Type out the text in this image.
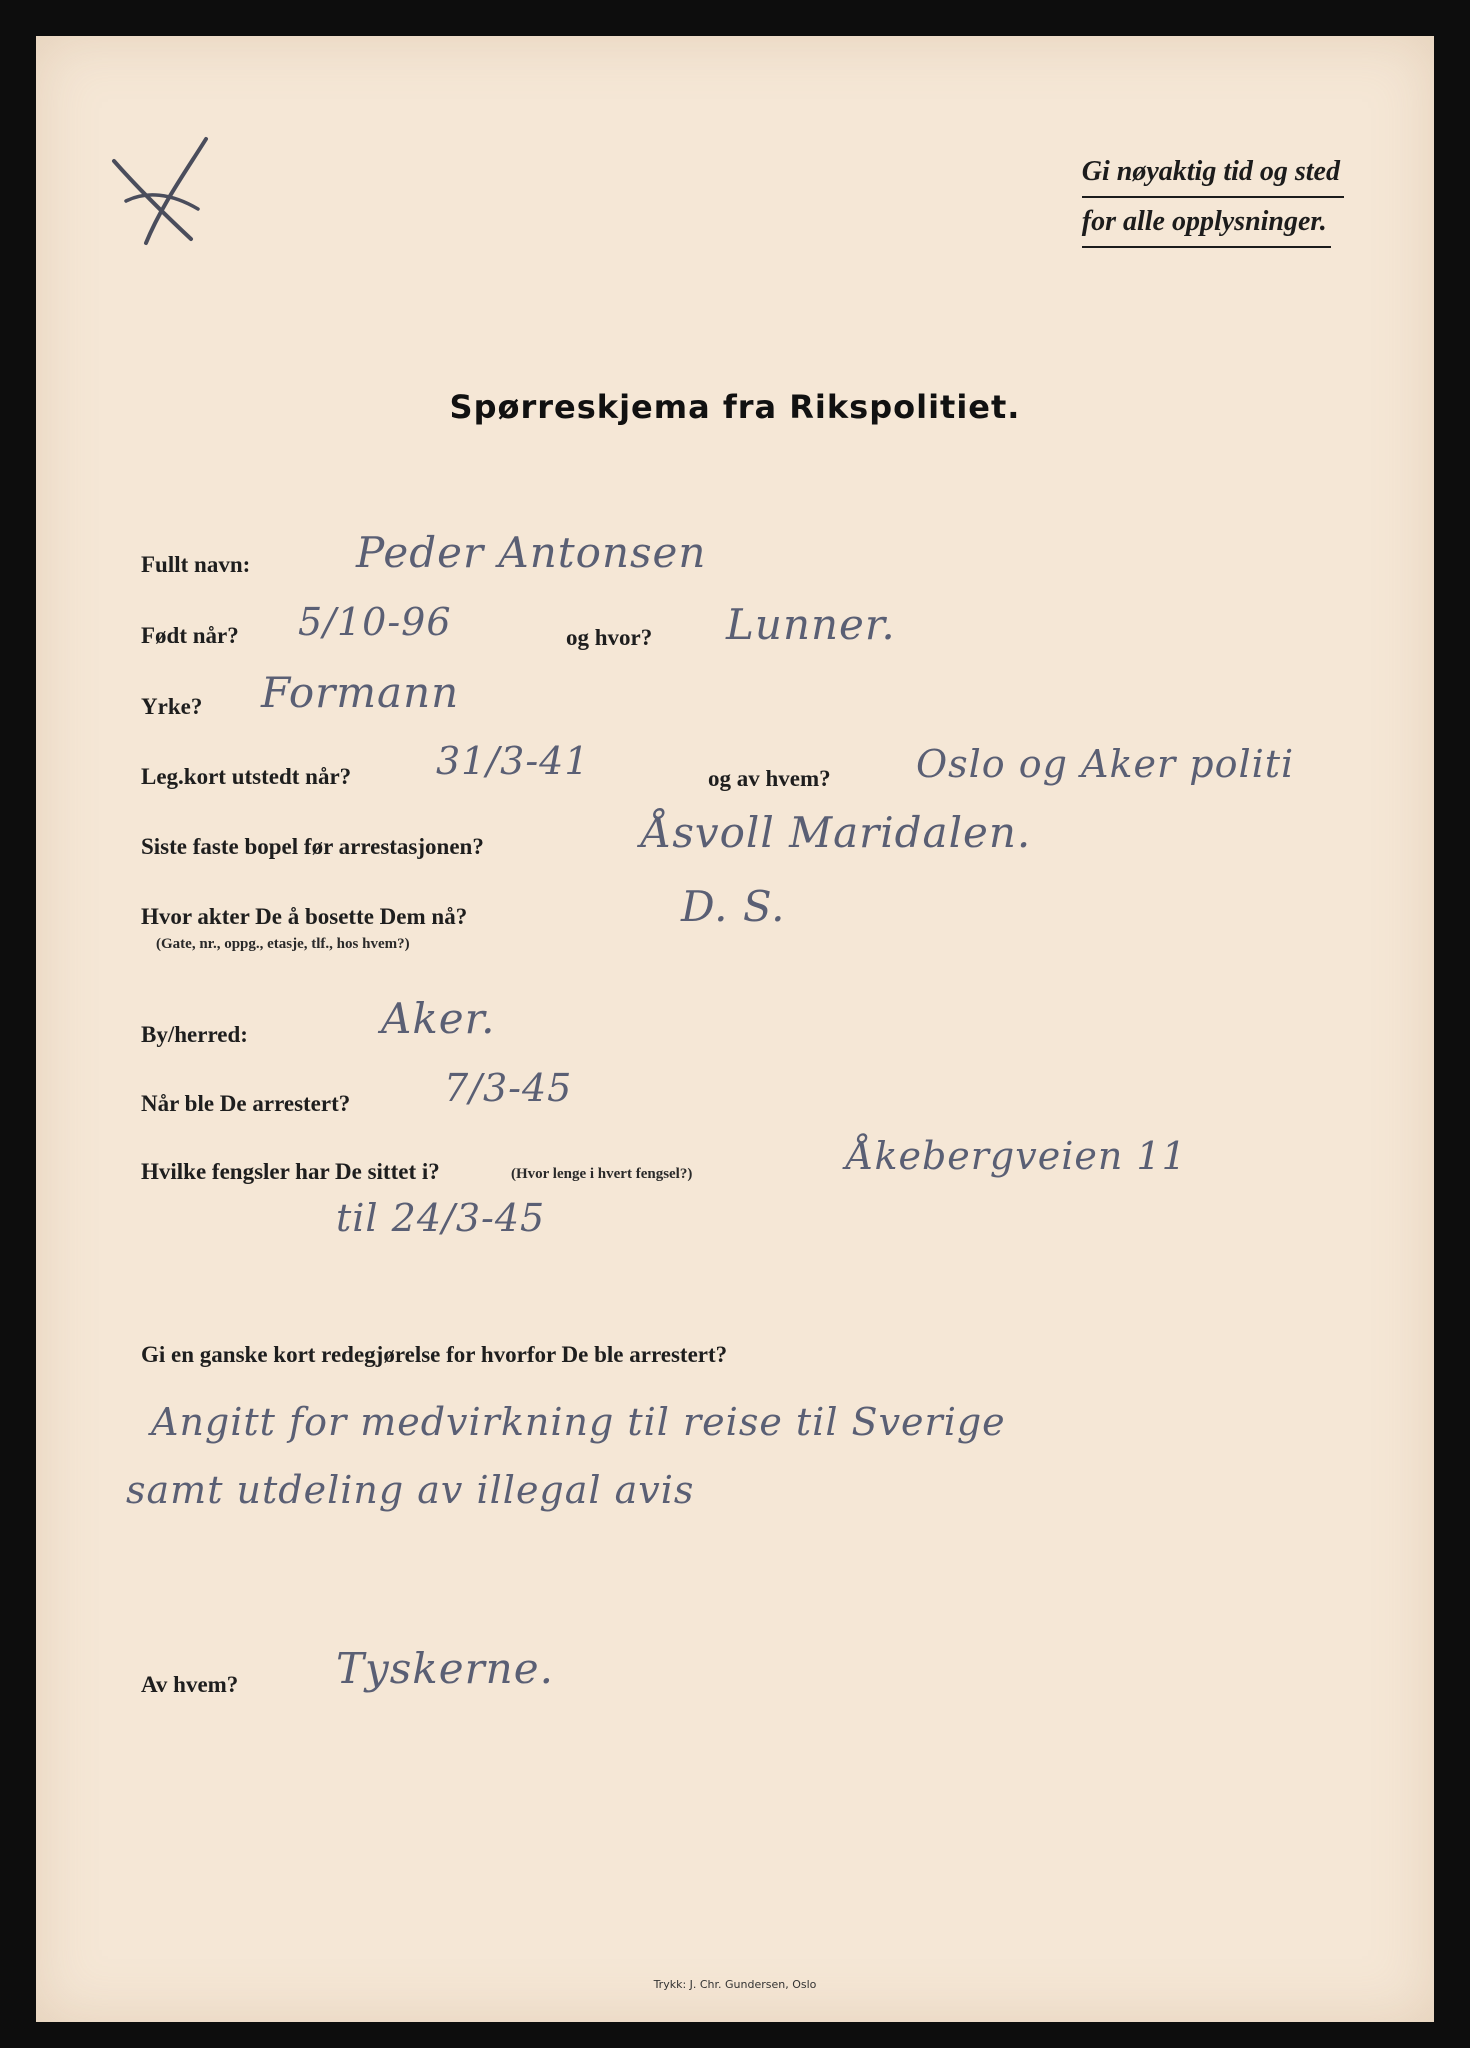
Gi nøyaktig tid og sted
for alle opplysninger.
Spørreskjema fra Rikspolitiet.
Fullt navn:	Peder Antonsen
Født når? 5/10-96	og hvor? Lunner.
Yrke? Formann
Leg.kort utstedt når? 31/3-41	og av hvem? Oslo og Aker politi
Siste faste bopel før arrestasjonen?	Åsvoll Maridalen.
Hvor akter De å bosette Dem nå?
(Gate, nr., oppg., etasje, tlf., hos hvem?)
D. S.
By/herred:	Aker.
Når ble De arrestert? 7/3-45
Hvilke fengsler har De sittet i?	(Hvor lenge i hvert fengsel?)	Åkebergveien 11
til 24/3-45
Gi en ganske kort redegjørelse for hvorfor De ble arrestert?
Angitt for medvirkning til reise til Sverige
samt utdeling av illegal avis
Av hvem? Tyskerne.
Trykk: J. Chr. Gundersen, Oslo
